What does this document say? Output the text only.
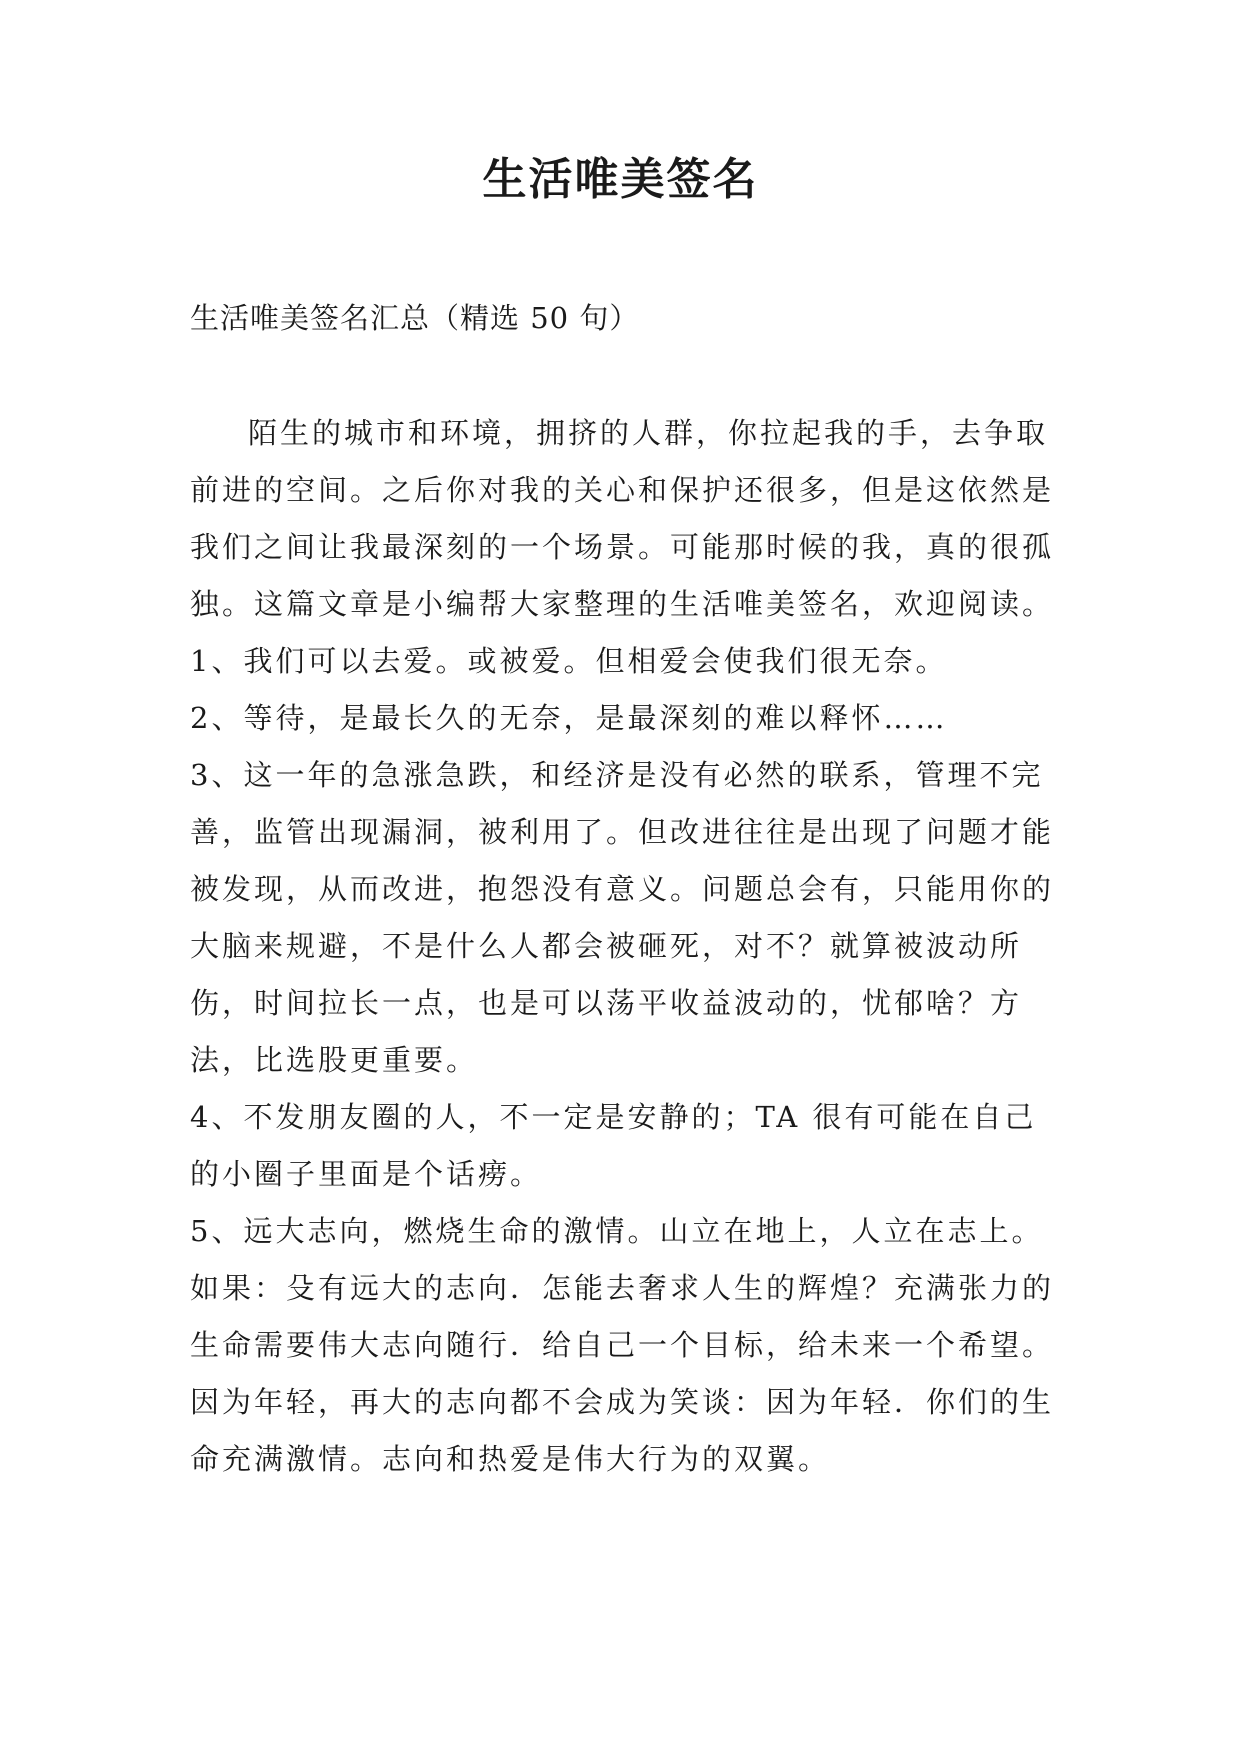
生活唯美签名

生活唯美签名汇总（精选 50 句）

陌生的城市和环境，拥挤的人群，你拉起我的手，去争取前进的空间。之后你对我的关心和保护还很多，但是这依然是我们之间让我最深刻的一个场景。可能那时候的我，真的很孤独。这篇文章是小编帮大家整理的生活唯美签名，欢迎阅读。

1、我们可以去爱。或被爱。但相爱会使我们很无奈。

2、等待，是最长久的无奈，是最深刻的难以释怀……

3、这一年的急涨急跌，和经济是没有必然的联系，管理不完善，监管出现漏洞，被利用了。但改进往往是出现了问题才能被发现，从而改进，抱怨没有意义。问题总会有，只能用你的大脑来规避，不是什么人都会被砸死，对不？就算被波动所伤，时间拉长一点，也是可以荡平收益波动的，忧郁啥？方法，比选股更重要。

4、不发朋友圈的人，不一定是安静的；TA 很有可能在自己的小圈子里面是个话痨。

5、远大志向，燃烧生命的激情。山立在地上，人立在志上。如果：殳有远大的志向．怎能去奢求人生的辉煌？充满张力的生命需要伟大志向随行．给自己一个目标，给未来一个希望。因为年轻，再大的志向都不会成为笑谈：因为年轻．你们的生命充满激情。志向和热爱是伟大行为的双翼。
